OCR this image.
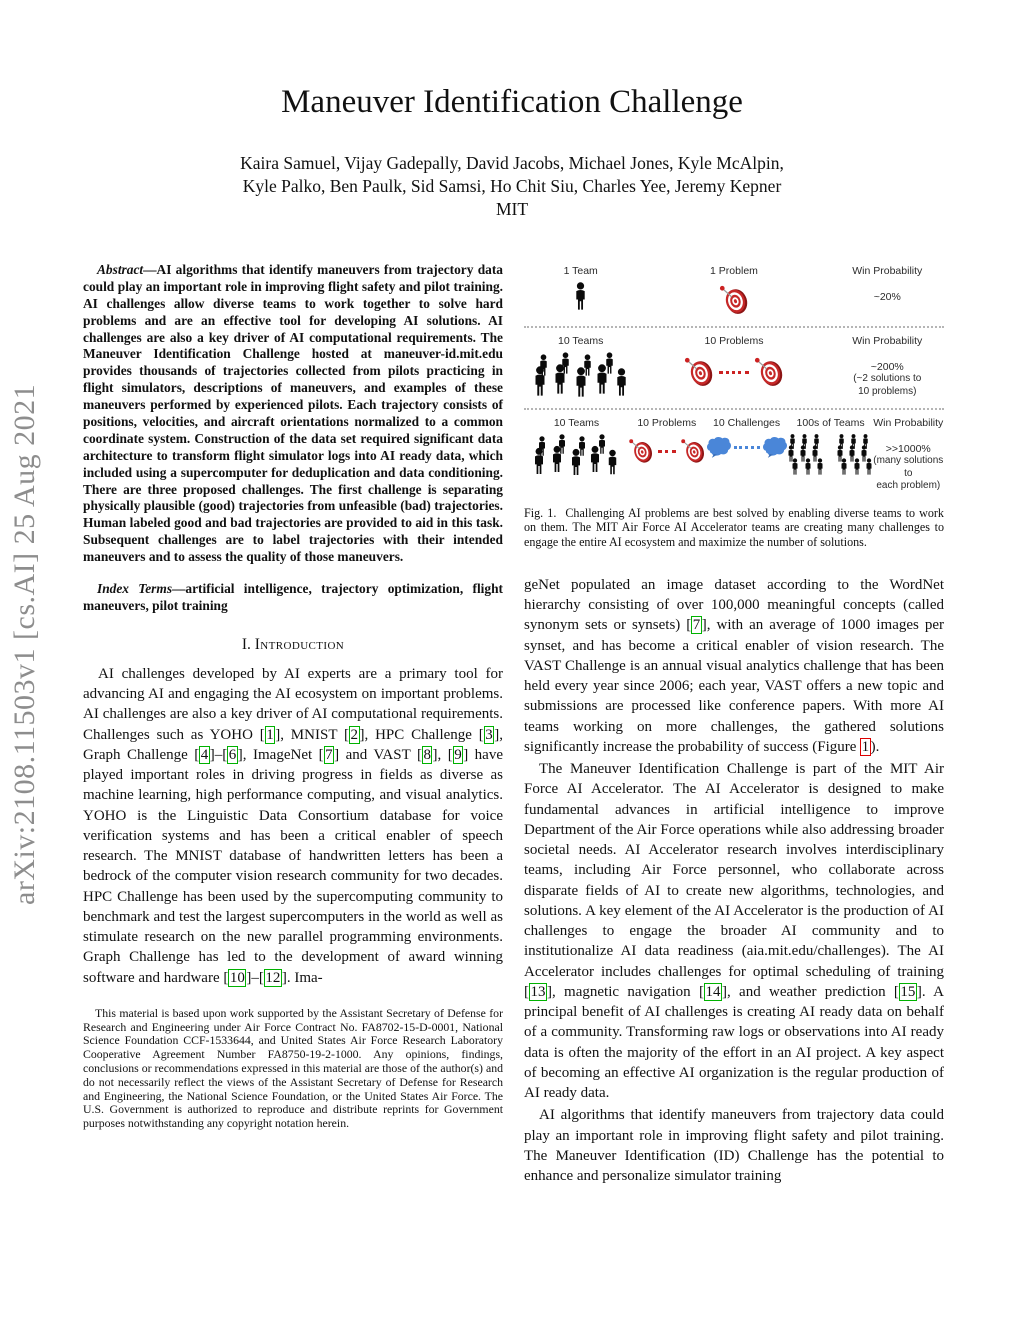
arXiv:2108.11503v1 [cs.AI] 25 Aug 2021
Maneuver Identification Challenge
Kaira Samuel, Vijay Gadepally, David Jacobs, Michael Jones, Kyle McAlpin,
Kyle Palko, Ben Paulk, Sid Samsi, Ho Chit Siu, Charles Yee, Jeremy Kepner
MIT

Abstract—AI algorithms that identify maneuvers from trajectory data could play an important role in improving flight safety and pilot training. AI challenges allow diverse teams to work together to solve hard problems and are an effective tool for developing AI solutions. AI challenges are also a key driver of AI computational requirements. The Maneuver Identification Challenge hosted at maneuver-id.mit.edu provides thousands of trajectories collected from pilots practicing in flight simulators, descriptions of maneuvers, and examples of these maneuvers performed by experienced pilots. Each trajectory consists of positions, velocities, and aircraft orientations normalized to a common coordinate system. Construction of the data set required significant data architecture to transform flight simulator logs into AI ready data, which included using a supercomputer for deduplication and data conditioning. There are three proposed challenges. The first challenge is separating physically plausible (good) trajectories from unfeasible (bad) trajectories. Human labeled good and bad trajectories are provided to aid in this task. Subsequent challenges are to label trajectories with their intended maneuvers and to assess the quality of those maneuvers.

Index Terms—artificial intelligence, trajectory optimization, flight maneuvers, pilot training

I. Introduction

AI challenges developed by AI experts are a primary tool for advancing AI and engaging the AI ecosystem on important problems. AI challenges are also a key driver of AI computational requirements. Challenges such as YOHO [ 1 ], MNIST [ 2 ], HPC Challenge [ 3 ], Graph Challenge [ 4 ]–[ 6 ], ImageNet [ 7 ] and VAST [ 8 ], [ 9 ] have played important roles in driving progress in fields as diverse as machine learning, high performance computing, and visual analytics. YOHO is the Linguistic Data Consortium database for voice verification systems and has been a critical enabler of speech research. The MNIST database of handwritten letters has been a bedrock of the computer vision research community for two decades. HPC Challenge has been used by the supercomputing community to benchmark and test the largest supercomputers in the world as well as stimulate research on the new parallel programming environments. Graph Challenge has led to the development of award winning software and hardware [ 10 ]–[ 12 ]. Ima-

This material is based upon work supported by the Assistant Secretary of Defense for Research and Engineering under Air Force Contract No. FA8702-15-D-0001, National Science Foundation CCF-1533644, and United States Air Force Research Laboratory Cooperative Agreement Number FA8750-19-2-1000. Any opinions, findings, conclusions or recommendations expressed in this material are those of the author(s) and do not necessarily reflect the views of the Assistant Secretary of Defense for Research and Engineering, the National Science Foundation, or the United States Air Force. The U.S. Government is authorized to reproduce and distribute reprints for Government purposes notwithstanding any copyright notation herein.

1 Team	1 Problem	Win Probability
~20%
10 Teams	10 Problems	Win Probability
~200%
(~2 solutions to
10 problems)
10 Teams	10 Problems 10 Challenges 100s of Teams Win Probability
>>1000%
(many solutions to
each problem)

Fig. 1. Challenging AI problems are best solved by enabling diverse teams to work on them. The MIT Air Force AI Accelerator teams are creating many challenges to engage the entire AI ecosystem and maximize the number of solutions.

geNet populated an image dataset according to the WordNet hierarchy consisting of over 100,000 meaningful concepts (called synonym sets or synsets) [ 7 ], with an average of 1000 images per synset, and has become a critical enabler of vision research. The VAST Challenge is an annual visual analytics challenge that has been held every year since 2006; each year, VAST offers a new topic and submissions are processed like conference papers. With more AI teams working on more challenges, the gathered solutions significantly increase the probability of success (Figure 1 ).

The Maneuver Identification Challenge is part of the MIT Air Force AI Accelerator. The AI Accelerator is designed to make fundamental advances in artificial intelligence to improve Department of the Air Force operations while also addressing broader societal needs. AI Accelerator research involves interdisciplinary teams, including Air Force personnel, who collaborate across disparate fields of AI to create new algorithms, technologies, and solutions. A key element of the AI Accelerator is the production of AI challenges to engage the broader AI community and to institutionalize AI data readiness (aia.mit.edu/challenges). The AI Accelerator includes challenges for optimal scheduling of training [ 13 ], magnetic navigation [ 14 ], and weather prediction [ 15 ]. A principal benefit of AI challenges is creating AI ready data on behalf of a community. Transforming raw logs or observations into AI ready data is often the majority of the effort in an AI project. A key aspect of becoming an effective AI organization is the regular production of AI ready data.

AI algorithms that identify maneuvers from trajectory data could play an important role in improving flight safety and pilot training. The Maneuver Identification (ID) Challenge has the potential to enhance and personalize simulator training
